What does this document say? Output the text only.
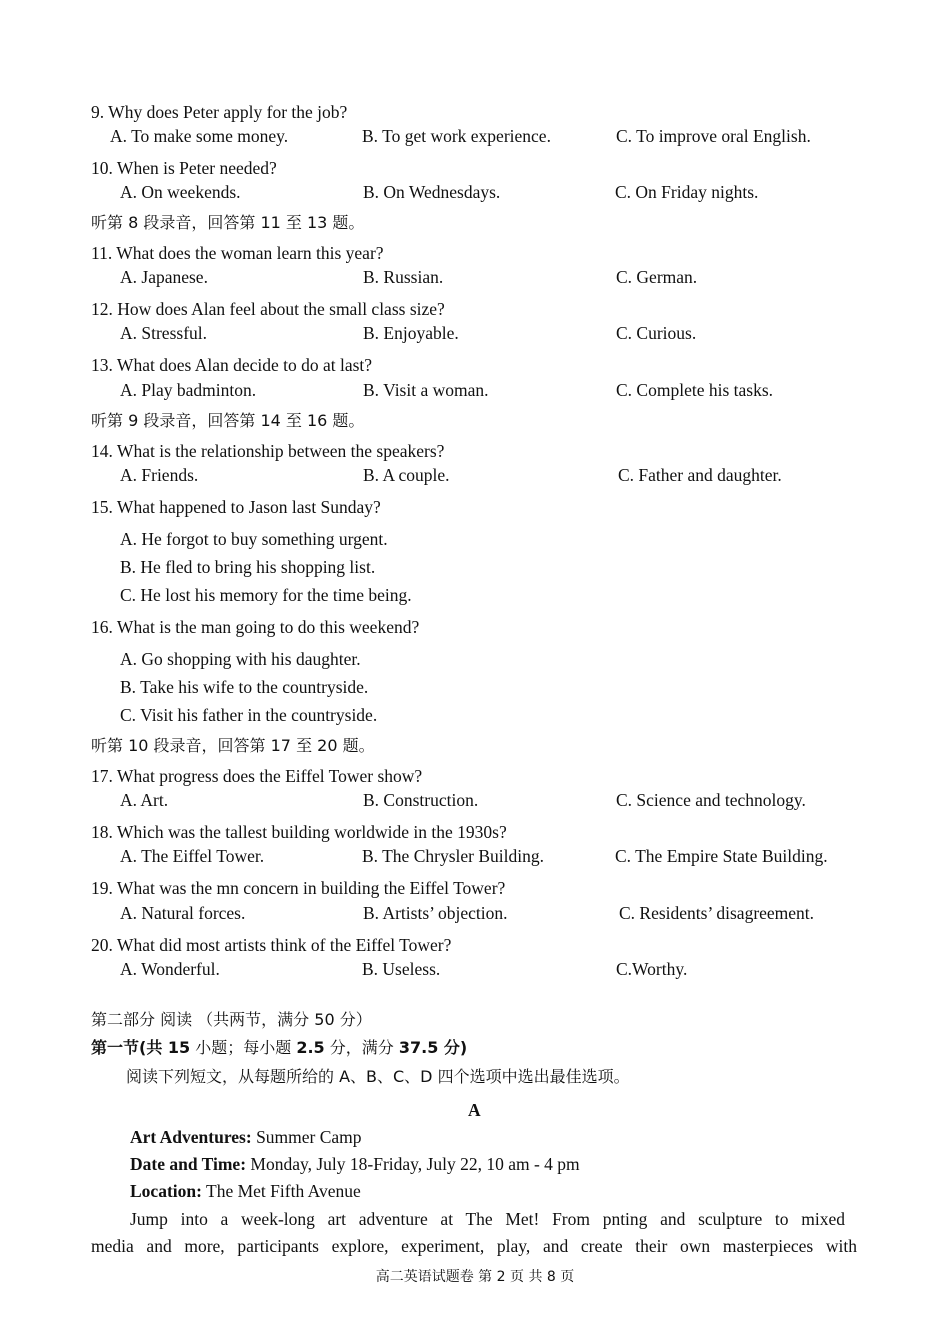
9. Why does Peter apply for the job?
A. To make some money.	B. To get work experience.	C. To improve oral English.
10. When is Peter needed?
A. On weekends.	B. On Wednesdays.	C. On Friday nights.
听第 8 段录音，回答第 11 至 13 题。
11. What does the woman learn this year?
A. Japanese.	B. Russian.	C. German.
12. How does Alan feel about the small class size?
A. Stressful.	B. Enjoyable.	C. Curious.
13. What does Alan decide to do at last?
A. Play badminton.	B. Visit a woman.	C. Complete his tasks.
听第 9 段录音，回答第 14 至 16 题。
14. What is the relationship between the speakers?
A. Friends.	B. A couple.	C. Father and daughter.
15. What happened to Jason last Sunday?
A. He forgot to buy something urgent.
B. He fled to bring his shopping list.
C. He lost his memory for the time being.
16. What is the man going to do this weekend?
A. Go shopping with his daughter.
B. Take his wife to the countryside.
C. Visit his father in the countryside.
听第 10 段录音，回答第 17 至 20 题。
17. What progress does the Eiffel Tower show?
A. Art.	B. Construction.	C. Science and technology.
18. Which was the tallest building worldwide in the 1930s?
A. The Eiffel Tower.	B. The Chrysler Building.	C. The Empire State Building.
19. What was the mn concern in building the Eiffel Tower?
A. Natural forces.	B. Artists’ objection.	C. Residents’ disagreement.
20. What did most artists think of the Eiffel Tower?
A. Wonderful.	B. Useless.	C.Worthy.
第二部分 阅读 （共两节，满分 50 分）
第一节(共 15 小题；每小题 2.5 分，满分 37.5 分)
阅读下列短文，从每题所给的 A、B、C、D 四个选项中选出最佳选项。
A
Art Adventures: Summer Camp
Date and Time: Monday, July 18-Friday, July 22, 10 am - 4 pm
Location: The Met Fifth Avenue
Jump into a week-long art adventure at The Met! From pnting and sculpture to mixed
media and more, participants explore, experiment, play, and create their own masterpieces with
高二英语试题卷 第 2 页 共 8 页
